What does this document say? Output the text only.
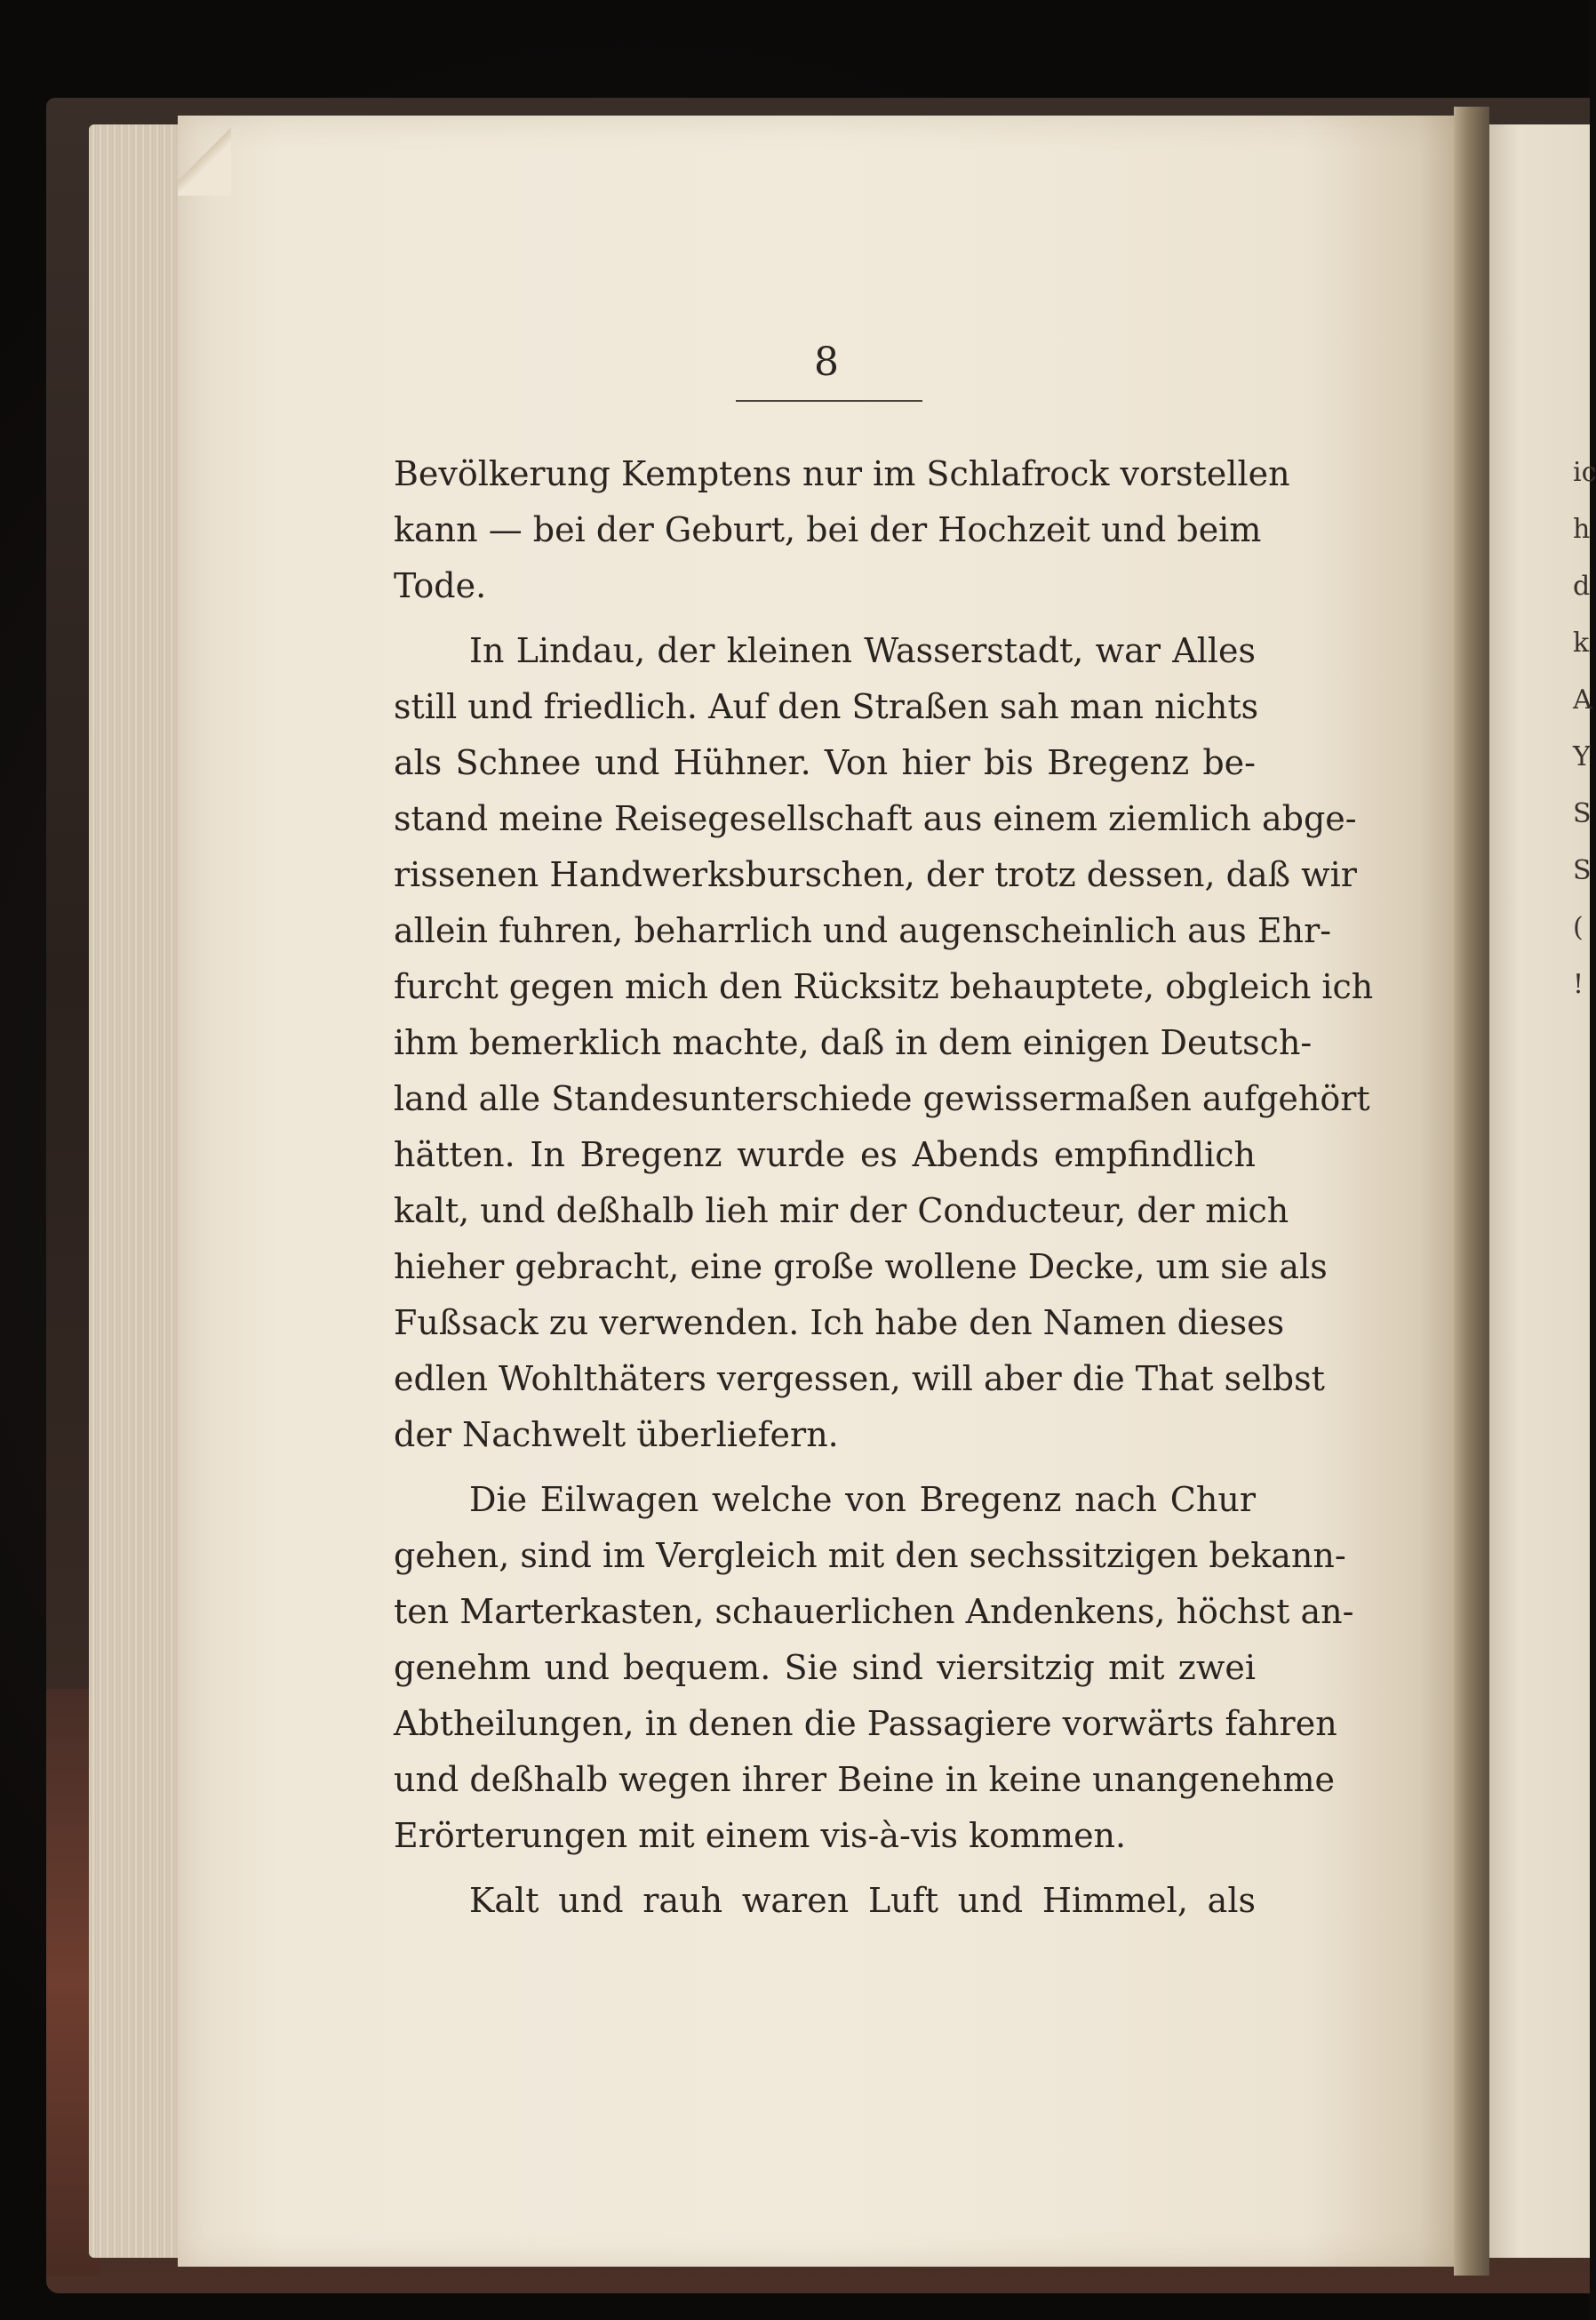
ic
h
d
k
A
Y
S
S
(
!
8
Bevölkerung Kemptens nur im Schlafrock vorstellen
kann — bei der Geburt, bei der Hochzeit und beim
Tode.
In Lindau, der kleinen Wasserstadt, war Alles
still und friedlich. Auf den Straßen sah man nichts
als Schnee und Hühner. Von hier bis Bregenz be-
stand meine Reisegesellschaft aus einem ziemlich abge-
rissenen Handwerksburschen, der trotz dessen, daß wir
allein fuhren, beharrlich und augenscheinlich aus Ehr-
furcht gegen mich den Rücksitz behauptete, obgleich ich
ihm bemerklich machte, daß in dem einigen Deutsch-
land alle Standesunterschiede gewissermaßen aufgehört
hätten. In Bregenz wurde es Abends empfindlich
kalt, und deßhalb lieh mir der Conducteur, der mich
hieher gebracht, eine große wollene Decke, um sie als
Fußsack zu verwenden. Ich habe den Namen dieses
edlen Wohlthäters vergessen, will aber die That selbst
der Nachwelt überliefern.
Die Eilwagen welche von Bregenz nach Chur
gehen, sind im Vergleich mit den sechssitzigen bekann-
ten Marterkasten, schauerlichen Andenkens, höchst an-
genehm und bequem. Sie sind viersitzig mit zwei
Abtheilungen, in denen die Passagiere vorwärts fahren
und deßhalb wegen ihrer Beine in keine unangenehme
Erörterungen mit einem vis-à-vis kommen.
Kalt und rauh waren Luft und Himmel, als
